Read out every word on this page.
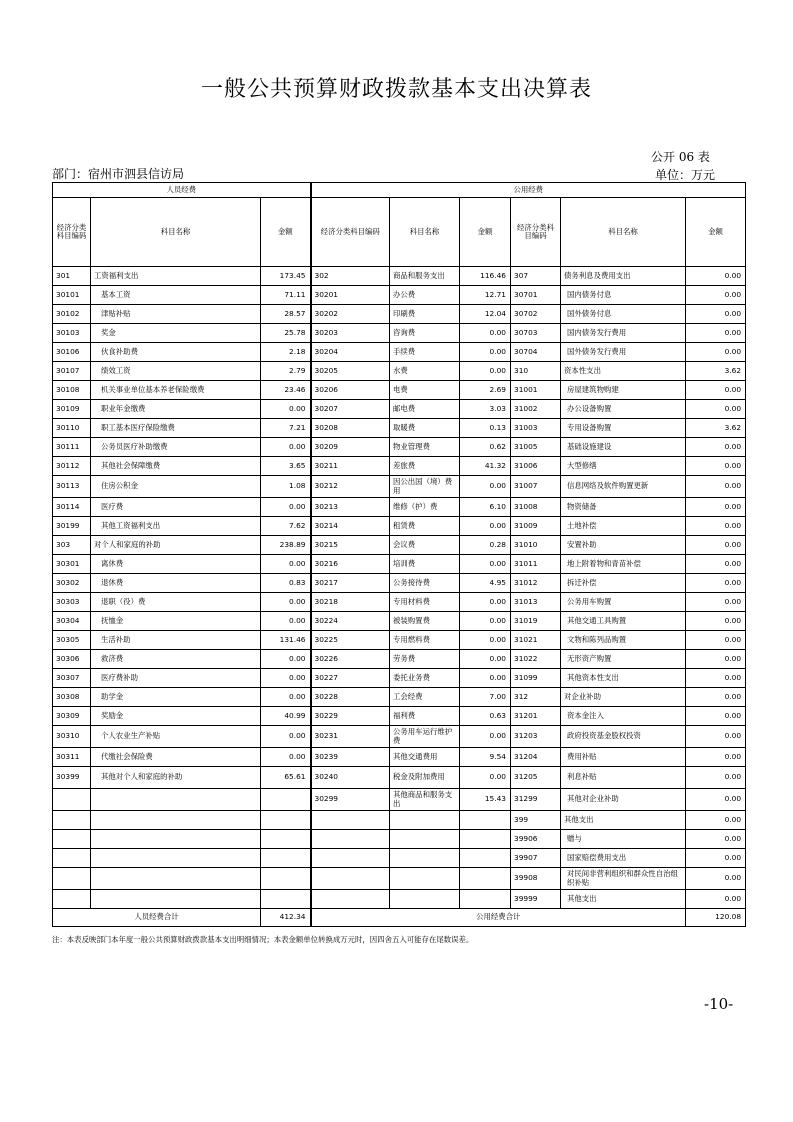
一般公共预算财政拨款基本支出决算表
公开 06 表
部门：宿州市泗县信访局	单位：万元
人员经费			公用经费					
经济分类科目编码	科目名称	金额	经济分类科目编码	科目名称	金额	经济分类科目编码	科目名称	金额
301	工资福利支出	173.45	302	商品和服务支出	116.46	307	债务利息及费用支出	0.00
30101	基本工资	71.11	30201	办公费	12.71	30701	国内债务付息	0.00
30102	津贴补贴	28.57	30202	印刷费	12.04	30702	国外债务付息	0.00
30103	奖金	25.78	30203	咨询费	0.00	30703	国内债务发行费用	0.00
30106	伙食补助费	2.18	30204	手续费	0.00	30704	国外债务发行费用	0.00
30107	绩效工资	2.79	30205	水费	0.00	310	资本性支出	3.62
30108	机关事业单位基本养老保险缴费	23.46	30206	电费	2.69	31001	房屋建筑物购建	0.00
30109	职业年金缴费	0.00	30207	邮电费	3.03	31002	办公设备购置	0.00
30110	职工基本医疗保险缴费	7.21	30208	取暖费	0.13	31003	专用设备购置	3.62
30111	公务员医疗补助缴费	0.00	30209	物业管理费	0.62	31005	基础设施建设	0.00
30112	其他社会保障缴费	3.65	30211	差旅费	41.32	31006	大型修缮	0.00
30113	住房公积金	1.08	30212	因公出国（境）费用	0.00	31007	信息网络及软件购置更新	0.00
30114	医疗费	0.00	30213	维修（护）费	6.10	31008	物资储备	0.00
30199	其他工资福利支出	7.62	30214	租赁费	0.00	31009	土地补偿	0.00
303	对个人和家庭的补助	238.89	30215	会议费	0.28	31010	安置补助	0.00
30301	离休费	0.00	30216	培训费	0.00	31011	地上附着物和青苗补偿	0.00
30302	退休费	0.83	30217	公务接待费	4.95	31012	拆迁补偿	0.00
30303	退职（役）费	0.00	30218	专用材料费	0.00	31013	公务用车购置	0.00
30304	抚恤金	0.00	30224	被装购置费	0.00	31019	其他交通工具购置	0.00
30305	生活补助	131.46	30225	专用燃料费	0.00	31021	文物和陈列品购置	0.00
30306	救济费	0.00	30226	劳务费	0.00	31022	无形资产购置	0.00
30307	医疗费补助	0.00	30227	委托业务费	0.00	31099	其他资本性支出	0.00
30308	助学金	0.00	30228	工会经费	7.00	312	对企业补助	0.00
30309	奖励金	40.99	30229	福利费	0.63	31201	资本金注入	0.00
30310	个人农业生产补贴	0.00	30231	公务用车运行维护费	0.00	31203	政府投资基金股权投资	0.00
30311	代缴社会保险费	0.00	30239	其他交通费用	9.54	31204	费用补贴	0.00
30399	其他对个人和家庭的补助	65.61	30240	税金及附加费用	0.00	31205	利息补贴	0.00
			30299	其他商品和服务支出	15.43	31299	其他对企业补助	0.00
						399	其他支出	0.00
						39906	赠与	0.00
						39907	国家赔偿费用支出	0.00
						39908	对民间非营利组织和群众性自治组织补贴	0.00
						39999	其他支出	0.00
人员经费合计		412.34	公用经费合计					120.08
注：本表反映部门本年度一般公共预算财政拨款基本支出明细情况；本表金额单位转换成万元时，因四舍五入可能存在尾数误差。
-10-
